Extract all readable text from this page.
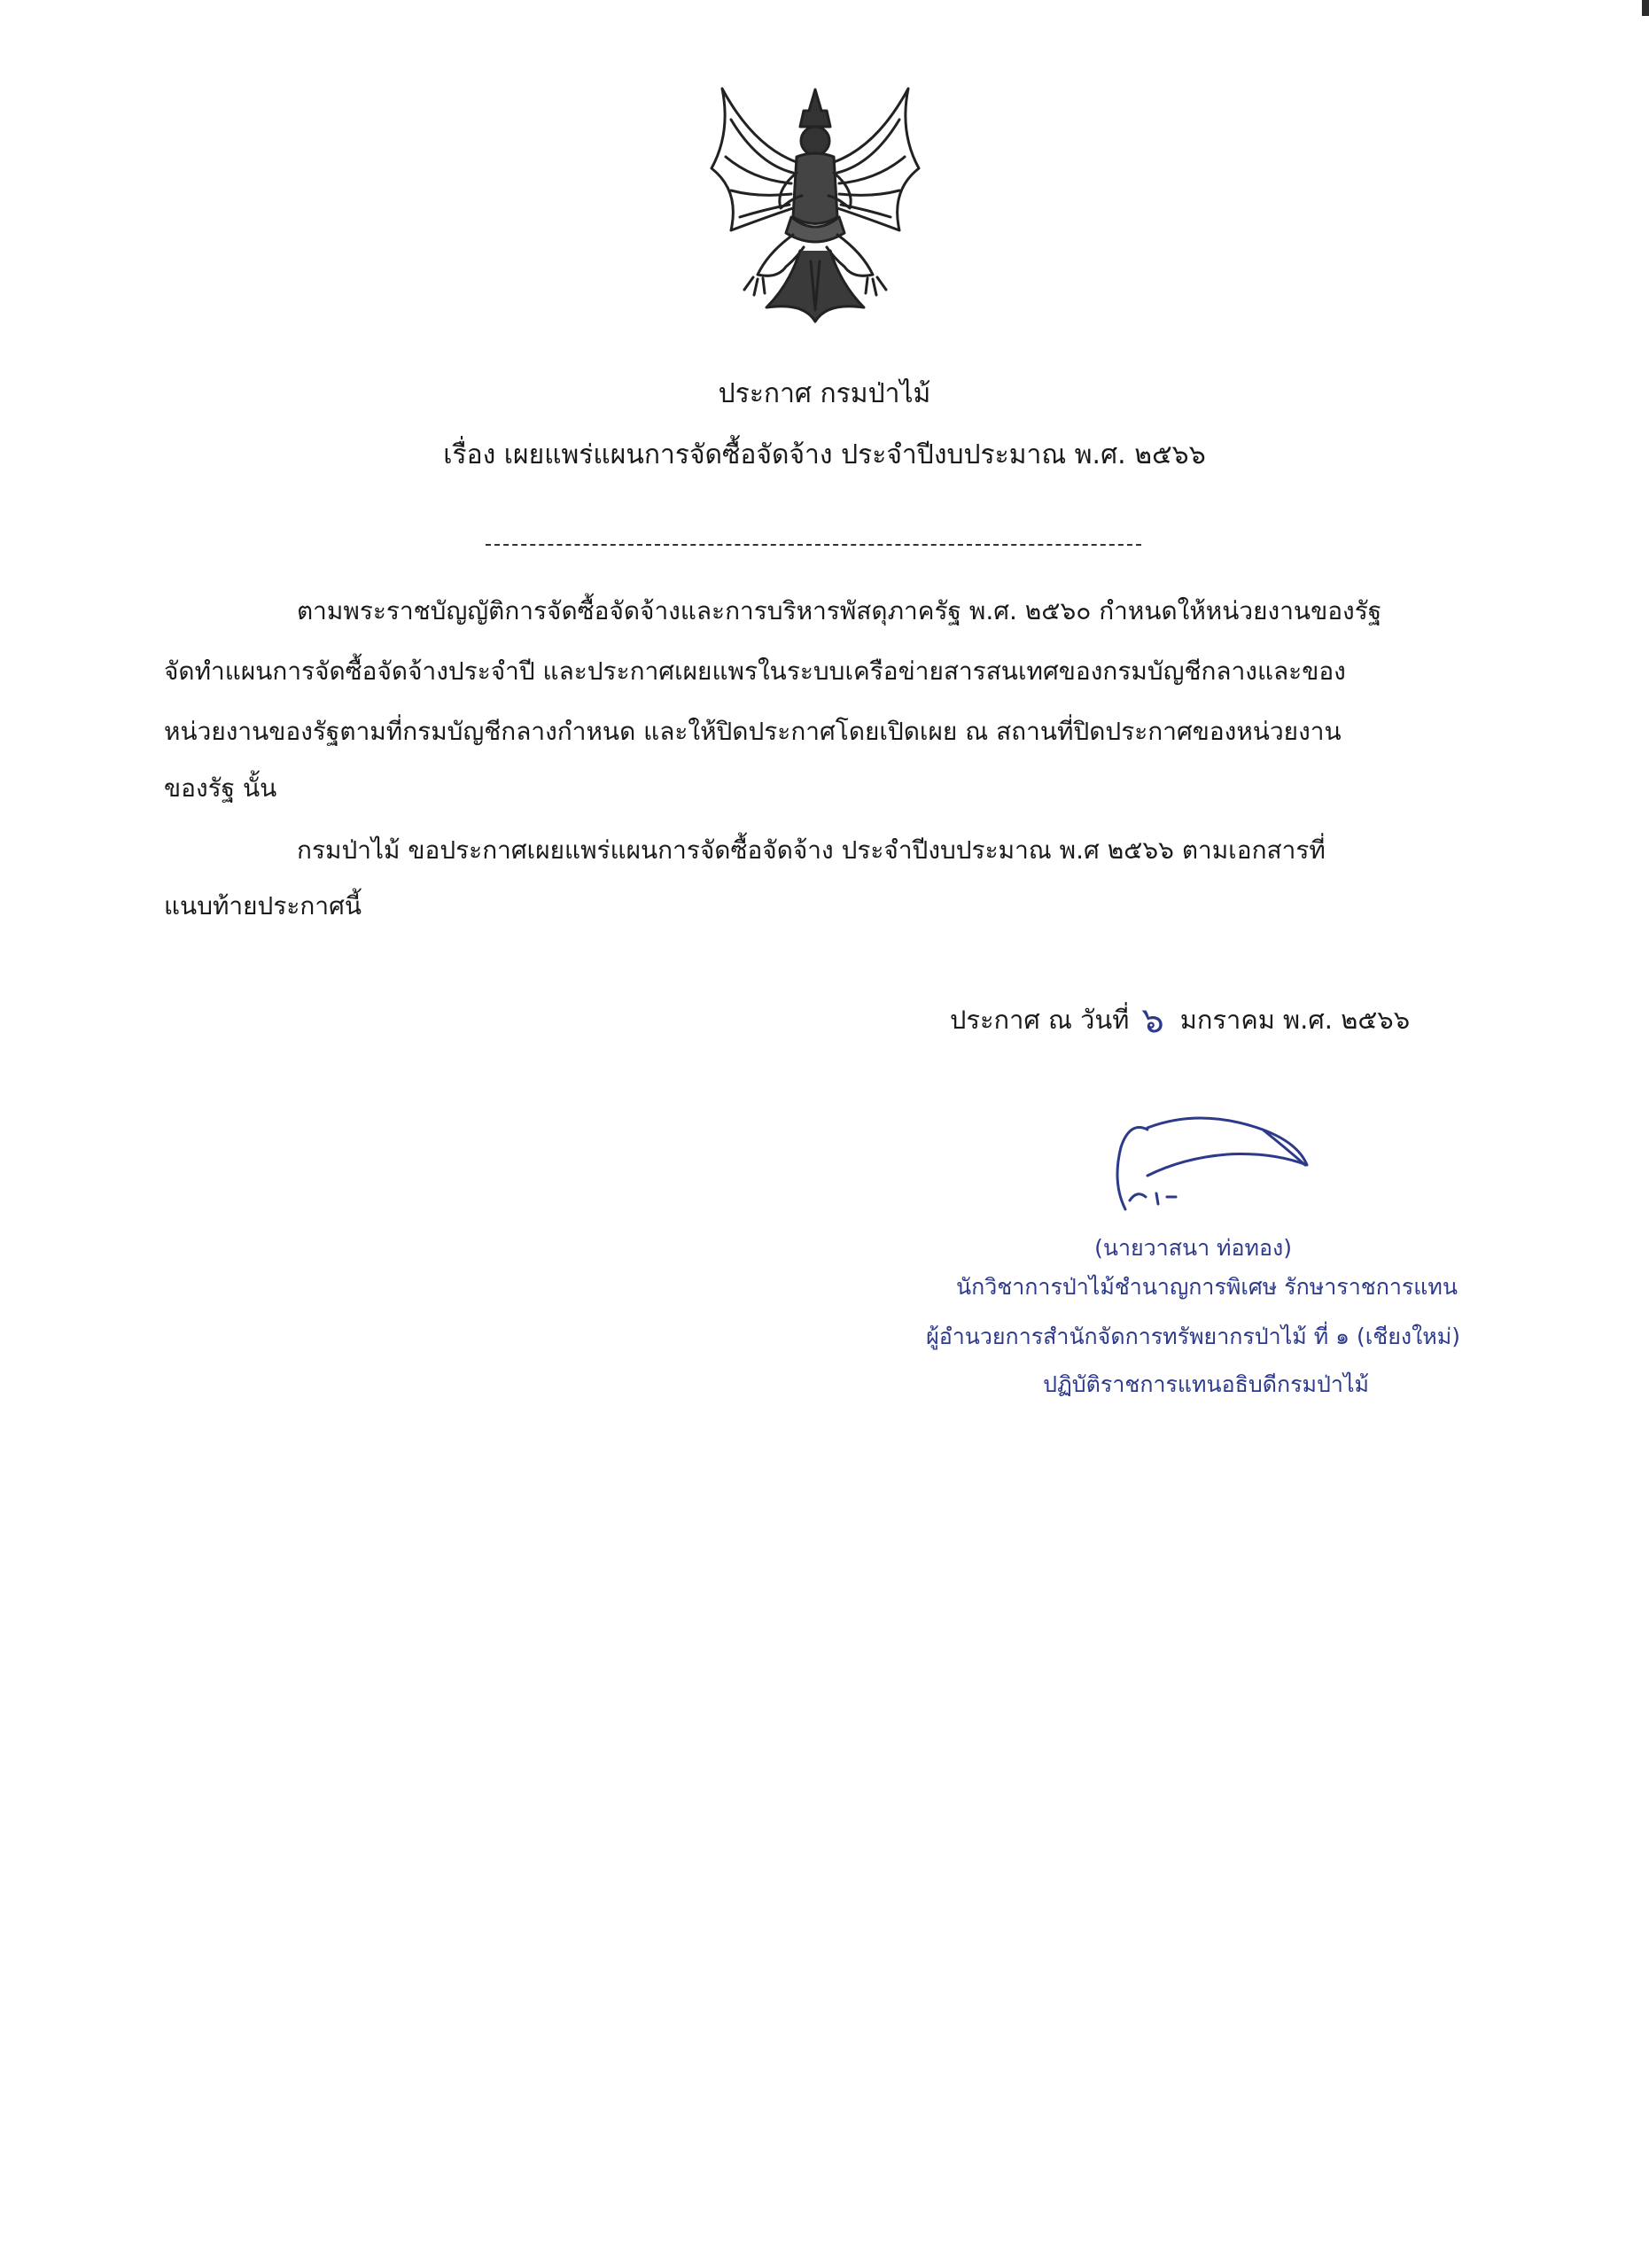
ประกาศ กรมป่าไม้
เรื่อง เผยแพร่แผนการจัดซื้อจัดจ้าง ประจำปีงบประมาณ พ.ศ. ๒๕๖๖
ตามพระราชบัญญัติการจัดซื้อจัดจ้างและการบริหารพัสดุภาครัฐ พ.ศ. ๒๕๖๐ กำหนดให้หน่วยงานของรัฐ
จัดทำแผนการจัดซื้อจัดจ้างประจำปี และประกาศเผยแพรในระบบเครือข่ายสารสนเทศของกรมบัญชีกลางและของ
หน่วยงานของรัฐตามที่กรมบัญชีกลางกำหนด และให้ปิดประกาศโดยเปิดเผย ณ สถานที่ปิดประกาศของหน่วยงาน
ของรัฐ นั้น
กรมป่าไม้ ขอประกาศเผยแพร่แผนการจัดซื้อจัดจ้าง ประจำปีงบประมาณ พ.ศ ๒๕๖๖ ตามเอกสารที่
แนบท้ายประกาศนี้
ประกาศ ณ วันที่ ๖ มกราคม พ.ศ. ๒๕๖๖
(นายวาสนา ท่อทอง)
นักวิชาการป่าไม้ชำนาญการพิเศษ รักษาราชการแทน
ผู้อำนวยการสำนักจัดการทรัพยากรป่าไม้ ที่ ๑ (เชียงใหม่)
ปฏิบัติราชการแทนอธิบดีกรมป่าไม้
